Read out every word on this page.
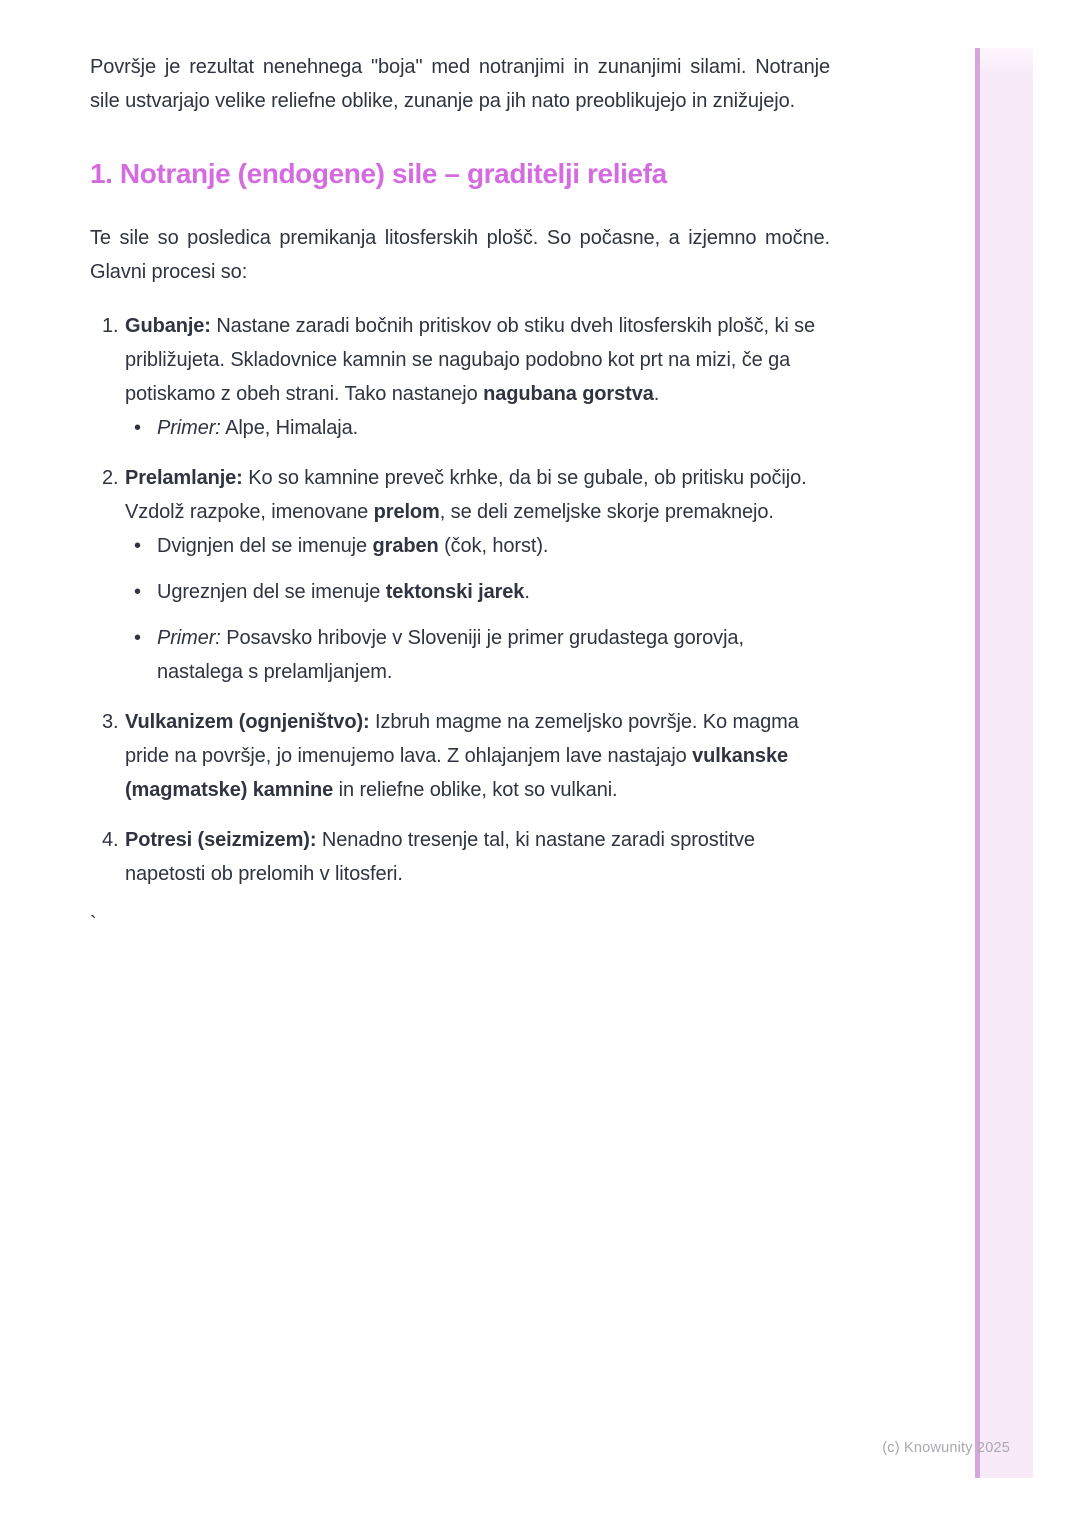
Površje je rezultat nenehnega "boja" med notranjimi in zunanjimi silami. Notranje sile ustvarjajo velike reliefne oblike, zunanje pa jih nato preoblikujejo in znižujejo.

1. Notranje (endogene) sile – graditelji reliefa

Te sile so posledica premikanja litosferskih plošč. So počasne, a izjemno močne. Glavni procesi so:

1. Gubanje: Nastane zaradi bočnih pritiskov ob stiku dveh litosferskih plošč, ki se približujeta. Skladovnice kamnin se nagubajo podobno kot prt na mizi, če ga potiskamo z obeh strani. Tako nastanejo nagubana gorstva.
• Primer: Alpe, Himalaja.
2. Prelamlanje: Ko so kamnine preveč krhke, da bi se gubale, ob pritisku počijo. Vzdolž razpoke, imenovane prelom, se deli zemeljske skorje premaknejo.
• Dvignjen del se imenuje graben (čok, horst).
• Ugreznjen del se imenuje tektonski jarek.
• Primer: Posavsko hribovje v Sloveniji je primer grudastega gorovja, nastalega s prelamljanjem.
3. Vulkanizem (ognjeništvo): Izbruh magme na zemeljsko površje. Ko magma pride na površje, jo imenujemo lava. Z ohlajanjem lave nastajajo vulkanske (magmatske) kamnine in reliefne oblike, kot so vulkani.
4. Potresi (seizmizem): Nenadno tresenje tal, ki nastane zaradi sprostitve napetosti ob prelomih v litosferi.
`
(c) Knowunity 2025
